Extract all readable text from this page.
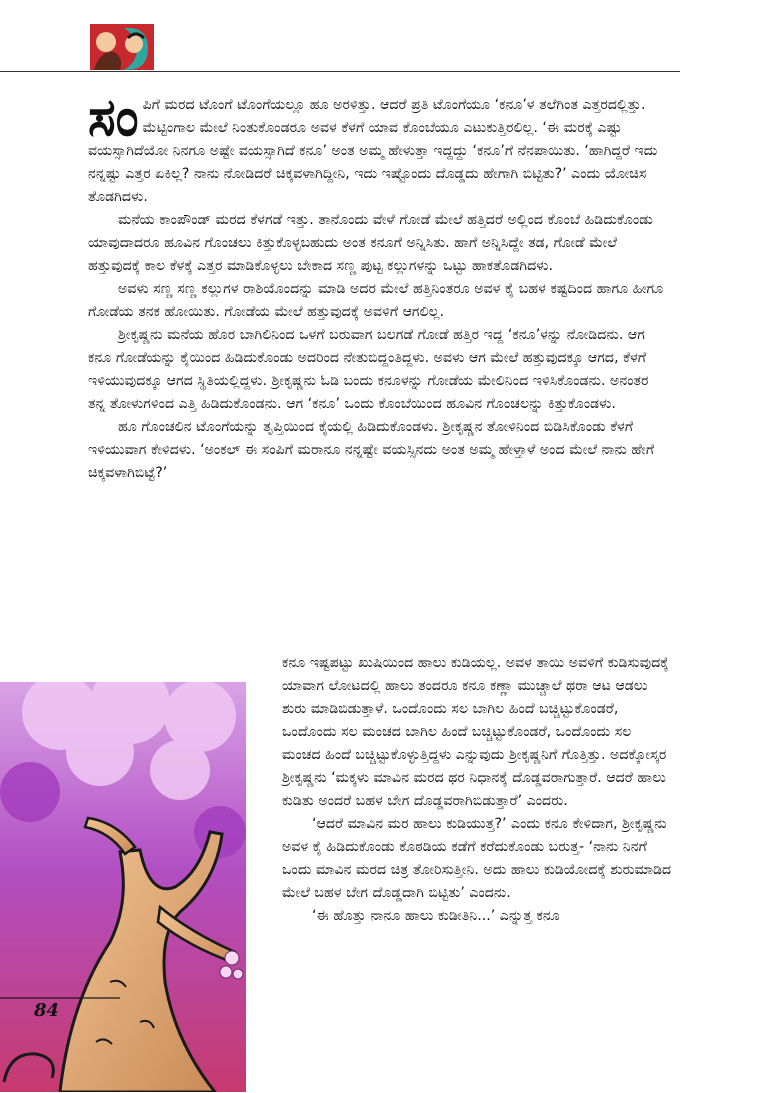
ಸಂಪಿಗೆ ಮರದ ಟೊಂಗೆ ಟೊಂಗೆಯಲ್ಲೂ ಹೂ ಅರಳಿತ್ತು. ಆದರೆ ಪ್ರತಿ ಟೊಂಗೆಯೂ ‘ಕನೂ’ಳ ತಲೆಗಿಂತ ಎತ್ತರದಲ್ಲಿತ್ತು. ಮೆಟ್ಟಿಂಗಾಲ ಮೇಲೆ ನಿಂತುಕೊಂಡರೂ ಅವಳ ಕೆಳಗೆ ಯಾವ ಕೊಂಬೆಯೂ ಎಟುಕುತ್ತಿರಲಿಲ್ಲ. ‘ಈ ಮರಕ್ಕೆ ಎಷ್ಟು ವಯಸ್ಸಾಗಿದೆಯೋ ನಿನಗೂ ಅಷ್ಟೇ ವಯಸ್ಸಾಗಿದೆ ಕನೂ’ ಅಂತ ಅಮ್ಮ ಹೇಳುತ್ತಾ ಇದ್ದದ್ದು ‘ಕನೂ’ಗೆ ನೆನಪಾಯಿತು. ‘ಹಾಗಿದ್ದರೆ ಇದು ನನ್ನಷ್ಟು ಎತ್ತರ ಏಕಿಲ್ಲ? ನಾನು ನೋಡಿದರೆ ಚಿಕ್ಕವಳಾಗಿದ್ದೀನಿ, ಇದು ಇಷ್ಟೊಂದು ದೊಡ್ಡದು ಹೇಗಾಗಿ ಬಿಟ್ಟಿತು?’ ಎಂದು ಯೋಚಿಸ ತೊಡಗಿದಳು.

ಮನೆಯ ಕಾಂಪೌಂಡ್ ಮರದ ಕೆಳಗಡೆ ಇತ್ತು. ತಾನೊಂದು ವೇಳೆ ಗೋಡೆ ಮೇಲೆ ಹತ್ತಿದರೆ ಅಲ್ಲಿಂದ ಕೊಂಬೆ ಹಿಡಿದುಕೊಂಡು ಯಾವುದಾದರೂ ಹೂವಿನ ಗೊಂಚಲು ಕಿತ್ತುಕೊಳ್ಳಬಹುದು ಅಂತ ಕನೂಗೆ ಅನ್ನಿಸಿತು. ಹಾಗೆ ಅನ್ನಿಸಿದ್ದೇ ತಡ, ಗೋಡೆ ಮೇಲೆ ಹತ್ತುವುದಕ್ಕೆ ಕಾಲ ಕೆಳಕ್ಕೆ ಎತ್ತರ ಮಾಡಿಕೊಳ್ಳಲು ಬೇಕಾದ ಸಣ್ಣ ಪುಟ್ಟ ಕಲ್ಲುಗಳನ್ನು ಒಟ್ಟು ಹಾಕತೊಡಗಿದಳು.

ಅವಳು ಸಣ್ಣ ಸಣ್ಣ ಕಲ್ಲುಗಳ ರಾಶಿಯೊಂದನ್ನು ಮಾಡಿ ಅದರ ಮೇಲೆ ಹತ್ತಿನಿಂತರೂ ಅವಳ ಕೈ ಬಹಳ ಕಷ್ಟದಿಂದ ಹಾಗೂ ಹೀಗೂ ಗೋಡೆಯ ತನಕ ಹೋಯಿತು. ಗೋಡೆಯ ಮೇಲೆ ಹತ್ತುವುದಕ್ಕೆ ಅವಳಿಗೆ ಆಗಲಿಲ್ಲ.

ಶ್ರೀಕೃಷ್ಣನು ಮನೆಯ ಹೊರ ಬಾಗಿಲಿನಿಂದ ಒಳಗೆ ಬರುವಾಗ ಬಲಗಡೆ ಗೋಡೆ ಹತ್ತಿರ ಇದ್ದ ‘ಕನೂ’ಳನ್ನು ನೋಡಿದನು. ಆಗ ಕನೂ ಗೋಡೆಯನ್ನು ಕೈಯಿಂದ ಹಿಡಿದುಕೊಂಡು ಅದರಿಂದ ನೇತುಬಿದ್ದಂತಿದ್ದಳು. ಅವಳು ಆಗ ಮೇಲೆ ಹತ್ತುವುದಕ್ಕೂ ಆಗದ, ಕೆಳಗೆ ಇಳಿಯುವುದಕ್ಕೂ ಆಗದ ಸ್ಥಿತಿಯಲ್ಲಿದ್ದಳು. ಶ್ರೀಕೃಷ್ಣನು ಓಡಿ ಬಂದು ಕನೂಳನ್ನು ಗೋಡೆಯ ಮೇಲಿನಿಂದ ಇಳಿಸಿಕೊಂಡನು. ಅನಂತರ ತನ್ನ ತೋಳುಗಳಿಂದ ಎತ್ತಿ ಹಿಡಿದುಕೊಂಡನು. ಆಗ ‘ಕನೂ’ ಒಂದು ಕೊಂಬೆಯಿಂದ ಹೂವಿನ ಗೊಂಚಲನ್ನು ಕಿತ್ತುಕೊಂಡಳು.

ಹೂ ಗೊಂಚಲಿನ ಟೊಂಗೆಯನ್ನು ತೃಪ್ತಿಯಿಂದ ಕೈಯಲ್ಲಿ ಹಿಡಿದುಕೊಂಡಳು. ಶ್ರೀಕೃಷ್ಣನ ತೋಳಿನಿಂದ ಬಿಡಿಸಿಕೊಂಡು ಕೆಳಗೆ ಇಳಿಯುವಾಗ ಕೇಳಿದಳು. ‘ಅಂಕಲ್ ಈ ಸಂಪಿಗೆ ಮರಾನೂ ನನ್ನಷ್ಟೇ ವಯಸ್ಸಿನದು ಅಂತ ಅಮ್ಮ ಹೇಳ್ತಾಳೆ ಅಂದ ಮೇಲೆ ನಾನು ಹೇಗೆ ಚಿಕ್ಕವಳಾಗಿಬಿಟ್ಟೆ?’

ಕನೂ ಇಷ್ಟಪಟ್ಟು ಖುಷಿಯಿಂದ ಹಾಲು ಕುಡಿಯಲ್ಲ. ಅವಳ ತಾಯಿ ಅವಳಿಗೆ ಕುಡಿಸುವುದಕ್ಕೆ ಯಾವಾಗ ಲೋಟದಲ್ಲಿ ಹಾಲು ತಂದರೂ ಕನೂ ಕಣ್ಣಾ ಮುಚ್ಚಾಲೆ ಥರಾ ಆಟ ಆಡಲು ಶುರು ಮಾಡಿಬಿಡುತ್ತಾಳೆ. ಒಂದೊಂದು ಸಲ ಬಾಗಿಲ ಹಿಂದೆ ಬಚ್ಚಿಟ್ಟುಕೊಂಡರೆ, ಒಂದೊಂದು ಸಲ ಮಂಚದ ಬಾಗಿಲ ಹಿಂದೆ ಬಚ್ಚಿಟ್ಟುಕೊಂಡರೆ, ಒಂದೊಂದು ಸಲ ಮಂಚದ ಹಿಂದೆ ಬಚ್ಚಿಟ್ಟುಕೊಳ್ಳುತ್ತಿದ್ದಳು ಎನ್ನುವುದು ಶ್ರೀಕೃಷ್ಣನಿಗೆ ಗೊತ್ತಿತ್ತು. ಅದಕ್ಕೋಸ್ಕರ ಶ್ರೀಕೃಷ್ಣನು ‘ಮಕ್ಕಳು ಮಾವಿನ ಮರದ ಥರ ನಿಧಾನಕ್ಕೆ ದೊಡ್ಡವರಾಗುತ್ತಾರೆ. ಆದರೆ ಹಾಲು ಕುಡಿತು ಅಂದರೆ ಬಹಳ ಬೇಗ ದೊಡ್ಡವರಾಗಿಬಿಡುತ್ತಾರೆ’ ಎಂದರು.

‘ಆದರೆ ಮಾವಿನ ಮರ ಹಾಲು ಕುಡಿಯುತ್ತ?’ ಎಂದು ಕನೂ ಕೇಳಿದಾಗ, ಶ್ರೀಕೃಷ್ಣನು ಅವಳ ಕೈ ಹಿಡಿದುಕೊಂಡು ಕೊಠಡಿಯ ಕಡೆಗೆ ಕರೆದುಕೊಂಡು ಬರುತ್ತ- ‘ನಾನು ನಿನಗೆ ಒಂದು ಮಾವಿನ ಮರದ ಚಿತ್ರ ತೋರಿಸುತ್ತೀನಿ. ಅದು ಹಾಲು ಕುಡಿಯೋದಕ್ಕೆ ಶುರುಮಾಡಿದ ಮೇಲೆ ಬಹಳ ಬೇಗ ದೊಡ್ಡದಾಗಿ ಬಿಟ್ಟಿತು’ ಎಂದನು.

‘ಈ ಹೊತ್ತು ನಾನೂ ಹಾಲು ಕುಡೀತಿನಿ...’ ಎನ್ನುತ್ತ ಕನೂ

84
